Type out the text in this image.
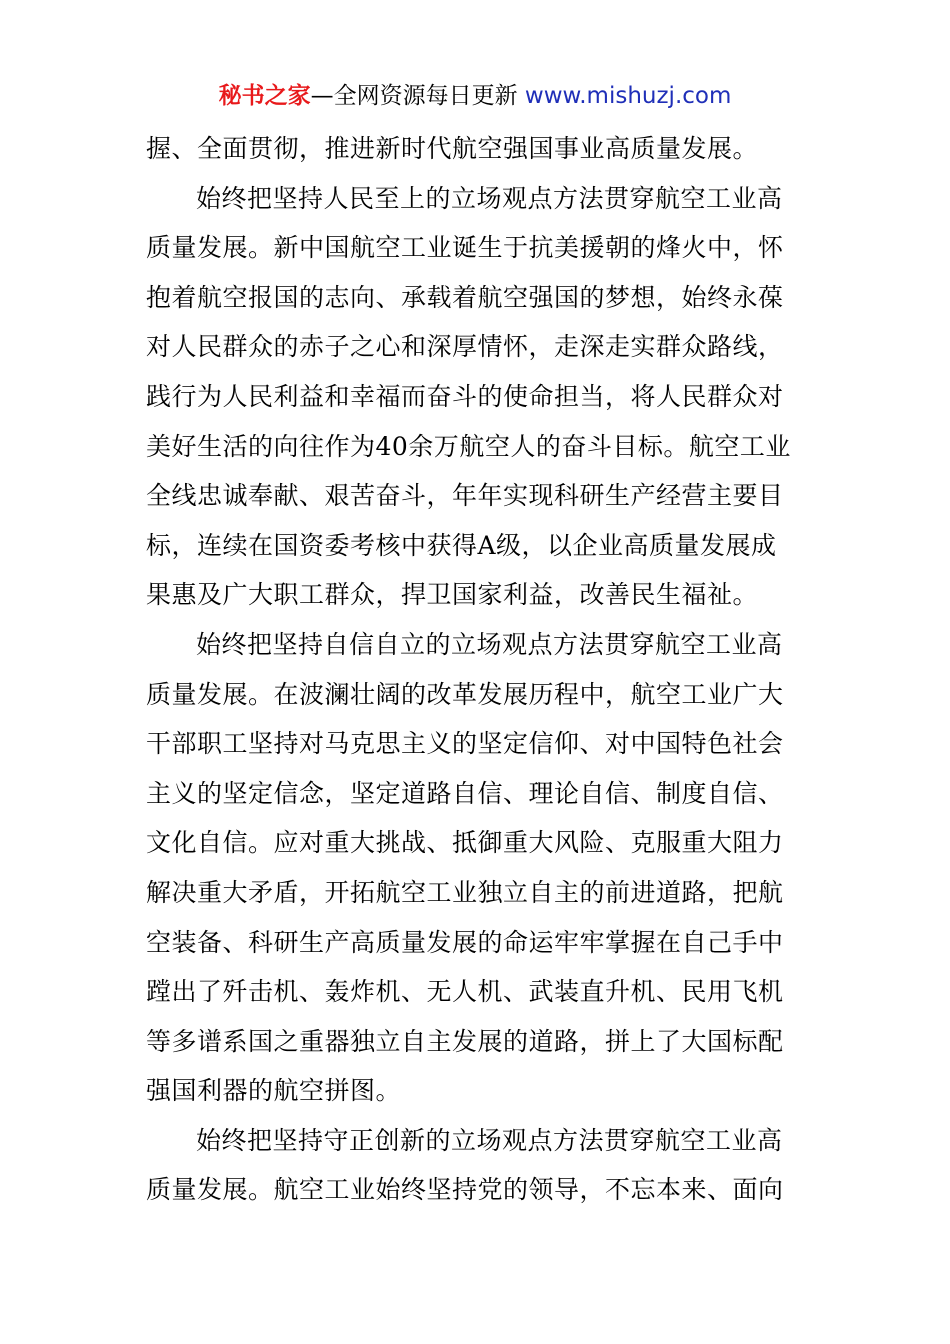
秘书之家—全网资源每日更新 www.mishuzj.com
握、全面贯彻，推进新时代航空强国事业高质量发展。
始终把坚持人民至上的立场观点方法贯穿航空工业高
质量发展。新中国航空工业诞生于抗美援朝的烽火中，怀
抱着航空报国的志向、承载着航空强国的梦想，始终永葆
对人民群众的赤子之心和深厚情怀，走深走实群众路线，
践行为人民利益和幸福而奋斗的使命担当，将人民群众对
美好生活的向往作为40余万航空人的奋斗目标。航空工业
全线忠诚奉献、艰苦奋斗，年年实现科研生产经营主要目
标，连续在国资委考核中获得A级，以企业高质量发展成
果惠及广大职工群众，捍卫国家利益，改善民生福祉。
始终把坚持自信自立的立场观点方法贯穿航空工业高
质量发展。在波澜壮阔的改革发展历程中，航空工业广大
干部职工坚持对马克思主义的坚定信仰、对中国特色社会
主义的坚定信念，坚定道路自信、理论自信、制度自信、
文化自信。应对重大挑战、抵御重大风险、克服重大阻力
解决重大矛盾，开拓航空工业独立自主的前进道路，把航
空装备、科研生产高质量发展的命运牢牢掌握在自己手中
蹚出了歼击机、轰炸机、无人机、武装直升机、民用飞机
等多谱系国之重器独立自主发展的道路，拼上了大国标配
强国利器的航空拼图。
始终把坚持守正创新的立场观点方法贯穿航空工业高
质量发展。航空工业始终坚持党的领导，不忘本来、面向
